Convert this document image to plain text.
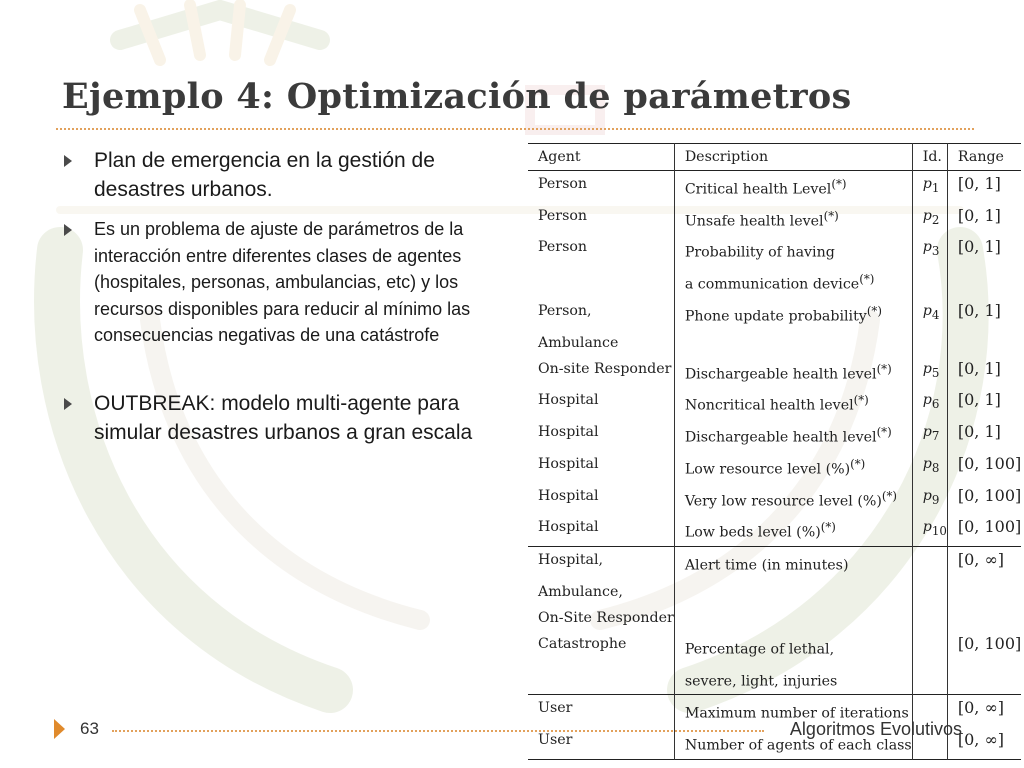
Ejemplo 4: Optimización de parámetros
Plan de emergencia en la gestión de desastres urbanos.
Es un problema de ajuste de parámetros de la interacción entre diferentes clases de agentes (hospitales, personas, ambulancias, etc) y los recursos disponibles para reducir al mínimo las consecuencias negativas de una catástrofe
OUTBREAK: modelo multi-agente para simular desastres urbanos a gran escala
Agent	Description	Id.	Range
Person	Critical health Level(*)	$p_1$	[0, 1]
Person	Unsafe health level(*)	$p_2$	[0, 1]
Person	Probability of having	$p_3$	[0, 1]
	a communication device(*)		
Person,	Phone update probability(*)	$p_4$	[0, 1]
Ambulance			
On-site Responder	Dischargeable health level(*)	$p_5$	[0, 1]
Hospital	Noncritical health level(*)	$p_6$	[0, 1]
Hospital	Dischargeable health level(*)	$p_7$	[0, 1]
Hospital	Low resource level (%)(*)	$p_8$	[0, 100]
Hospital	Very low resource level (%)(*)	$p_9$	[0, 100]
Hospital	Low beds level (%)(*)	$p_{10}$	[0, 100]
Hospital,	Alert time (in minutes)		[0, ∞]
Ambulance,			
On-Site Responder			
Catastrophe	Percentage of lethal,		[0, 100]
	severe, light, injuries		
User	Maximum number of iterations		[0, ∞]
User	Number of agents of each class		[0, ∞]
63	Algoritmos Evolutivos
